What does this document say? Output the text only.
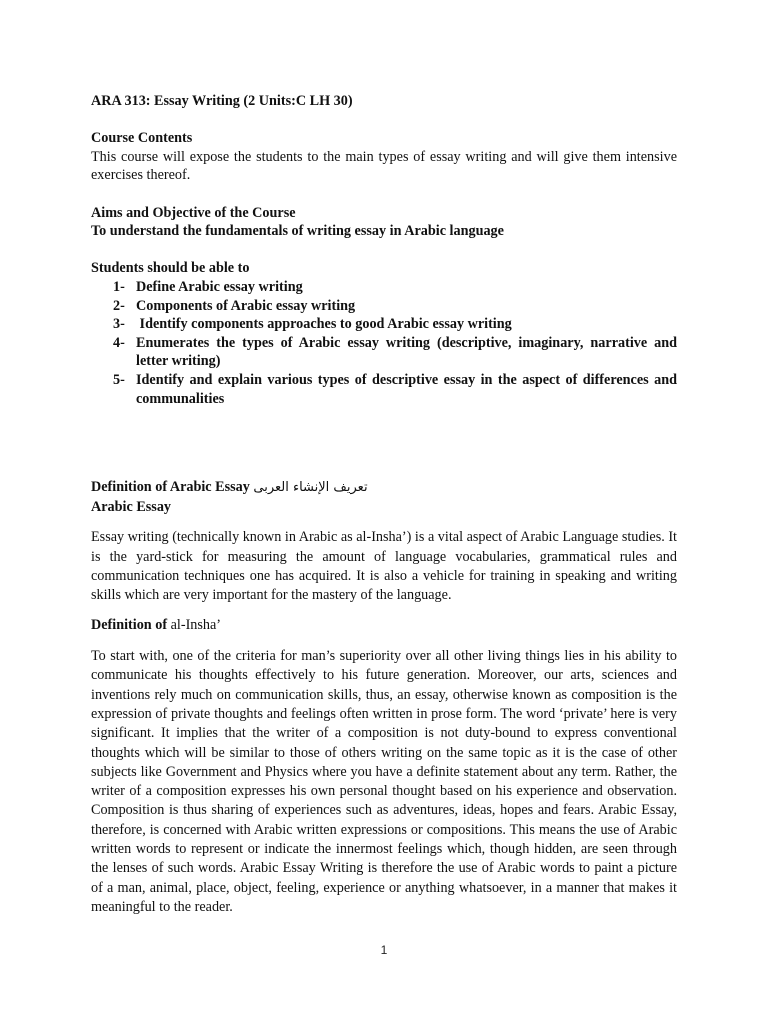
ARA 313: Essay Writing (2 Units:C LH 30)

Course Contents

This course will expose the students to the main types of essay writing and will give them intensive exercises thereof.

Aims and Objective of the Course

To understand the fundamentals of writing essay in Arabic language

Students should be able to

1- Define Arabic essay writing
2- Components of Arabic essay writing
3- Identify components approaches to good Arabic essay writing
4- Enumerates the types of Arabic essay writing (descriptive, imaginary, narrative and letter writing)
5- Identify and explain various types of descriptive essay in the aspect of differences and communalities

Definition of Arabic Essay تعريف الإنشاء العربى

Arabic Essay

Essay writing (technically known in Arabic as al-Insha’) is a vital aspect of Arabic Language studies. It is the yard-stick for measuring the amount of language vocabularies, grammatical rules and communication techniques one has acquired. It is also a vehicle for training in speaking and writing skills which are very important for the mastery of the language.

Definition of al-Insha’

To start with, one of the criteria for man’s superiority over all other living things lies in his ability to communicate his thoughts effectively to his future generation. Moreover, our arts, sciences and inventions rely much on communication skills, thus, an essay, otherwise known as composition is the expression of private thoughts and feelings often written in prose form. The word ‘private’ here is very significant. It implies that the writer of a composition is not duty-bound to express conventional thoughts which will be similar to those of others writing on the same topic as it is the case of other subjects like Government and Physics where you have a definite statement about any term. Rather, the writer of a composition expresses his own personal thought based on his experience and observation. Composition is thus sharing of experiences such as adventures, ideas, hopes and fears. Arabic Essay, therefore, is concerned with Arabic written expressions or compositions. This means the use of Arabic written words to represent or indicate the innermost feelings which, though hidden, are seen through the lenses of such words. Arabic Essay Writing is therefore the use of Arabic words to paint a picture of a man, animal, place, object, feeling, experience or anything whatsoever, in a manner that makes it meaningful to the reader.

1
